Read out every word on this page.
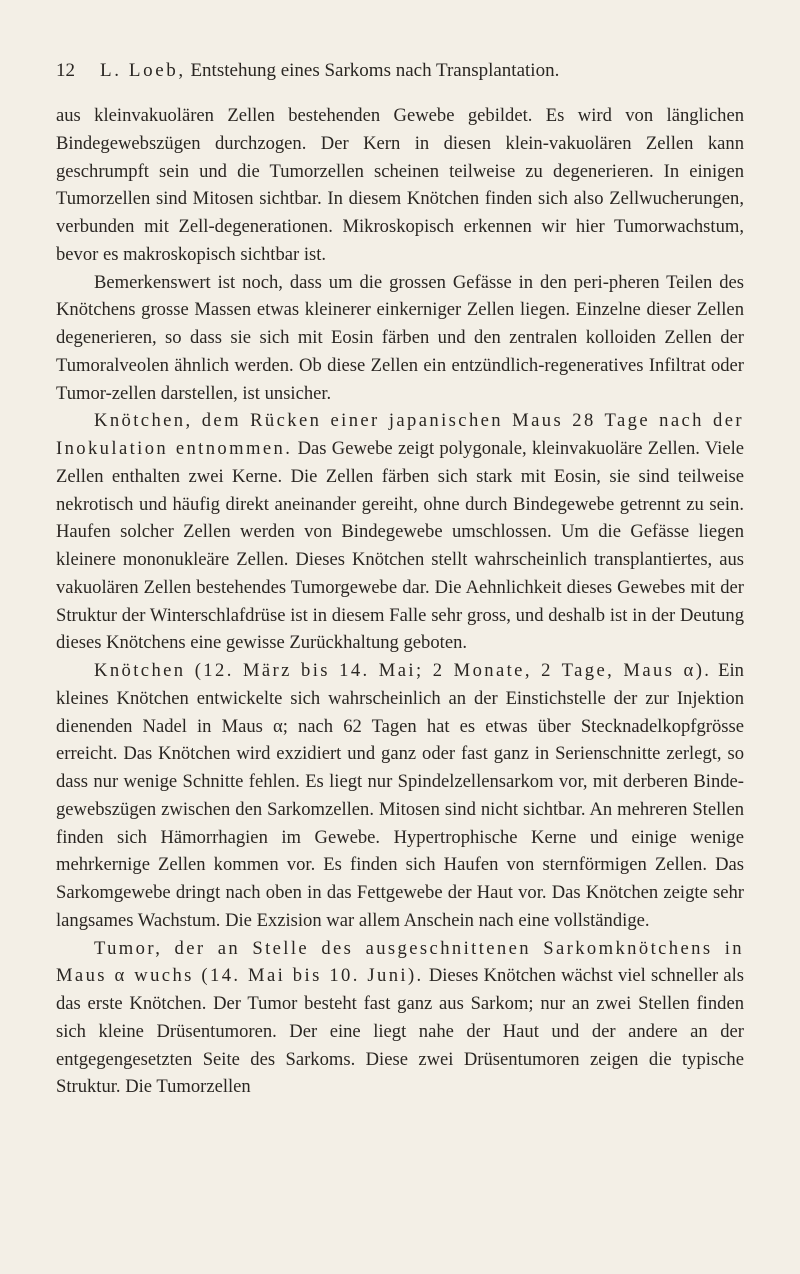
12	L. Loeb, Entstehung eines Sarkoms nach Transplantation.

aus kleinvakuolären Zellen bestehenden Gewebe gebildet. Es wird von länglichen Bindegewebszügen durchzogen. Der Kern in diesen klein-vakuolären Zellen kann geschrumpft sein und die Tumorzellen scheinen teilweise zu degenerieren. In einigen Tumorzellen sind Mitosen sichtbar. In diesem Knötchen finden sich also Zellwucherungen, verbunden mit Zell-degenerationen. Mikroskopisch erkennen wir hier Tumorwachstum, bevor es makroskopisch sichtbar ist.

Bemerkenswert ist noch, dass um die grossen Gefässe in den peri-pheren Teilen des Knötchens grosse Massen etwas kleinerer einkerniger Zellen liegen. Einzelne dieser Zellen degenerieren, so dass sie sich mit Eosin färben und den zentralen kolloiden Zellen der Tumoralveolen ähnlich werden. Ob diese Zellen ein entzündlich-regeneratives Infiltrat oder Tumor-zellen darstellen, ist unsicher.

Knötchen, dem Rücken einer japanischen Maus 28 Tage nach der Inokulation entnommen. Das Gewebe zeigt polygonale, kleinvakuoläre Zellen. Viele Zellen enthalten zwei Kerne. Die Zellen färben sich stark mit Eosin, sie sind teilweise nekrotisch und häufig direkt aneinander gereiht, ohne durch Bindegewebe getrennt zu sein. Haufen solcher Zellen werden von Bindegewebe umschlossen. Um die Gefässe liegen kleinere mononukleäre Zellen. Dieses Knötchen stellt wahrscheinlich transplantiertes, aus vakuolären Zellen bestehendes Tumorgewebe dar. Die Aehnlichkeit dieses Gewebes mit der Struktur der Winterschlafdrüse ist in diesem Falle sehr gross, und deshalb ist in der Deutung dieses Knötchens eine gewisse Zurückhaltung geboten.

Knötchen (12. März bis 14. Mai; 2 Monate, 2 Tage, Maus α). Ein kleines Knötchen entwickelte sich wahrscheinlich an der Einstichstelle der zur Injektion dienenden Nadel in Maus α; nach 62 Tagen hat es etwas über Stecknadelkopfgrösse erreicht. Das Knötchen wird exzidiert und ganz oder fast ganz in Serienschnitte zerlegt, so dass nur wenige Schnitte fehlen. Es liegt nur Spindelzellensarkom vor, mit derberen Binde-gewebszügen zwischen den Sarkomzellen. Mitosen sind nicht sichtbar. An mehreren Stellen finden sich Hämorrhagien im Gewebe. Hypertrophische Kerne und einige wenige mehrkernige Zellen kommen vor. Es finden sich Haufen von sternförmigen Zellen. Das Sarkomgewebe dringt nach oben in das Fettgewebe der Haut vor. Das Knötchen zeigte sehr langsames Wachstum. Die Exzision war allem Anschein nach eine vollständige.

Tumor, der an Stelle des ausgeschnittenen Sarkomknötchens in Maus α wuchs (14. Mai bis 10. Juni). Dieses Knötchen wächst viel schneller als das erste Knötchen. Der Tumor besteht fast ganz aus Sarkom; nur an zwei Stellen finden sich kleine Drüsentumoren. Der eine liegt nahe der Haut und der andere an der entgegengesetzten Seite des Sarkoms. Diese zwei Drüsentumoren zeigen die typische Struktur. Die Tumorzellen
